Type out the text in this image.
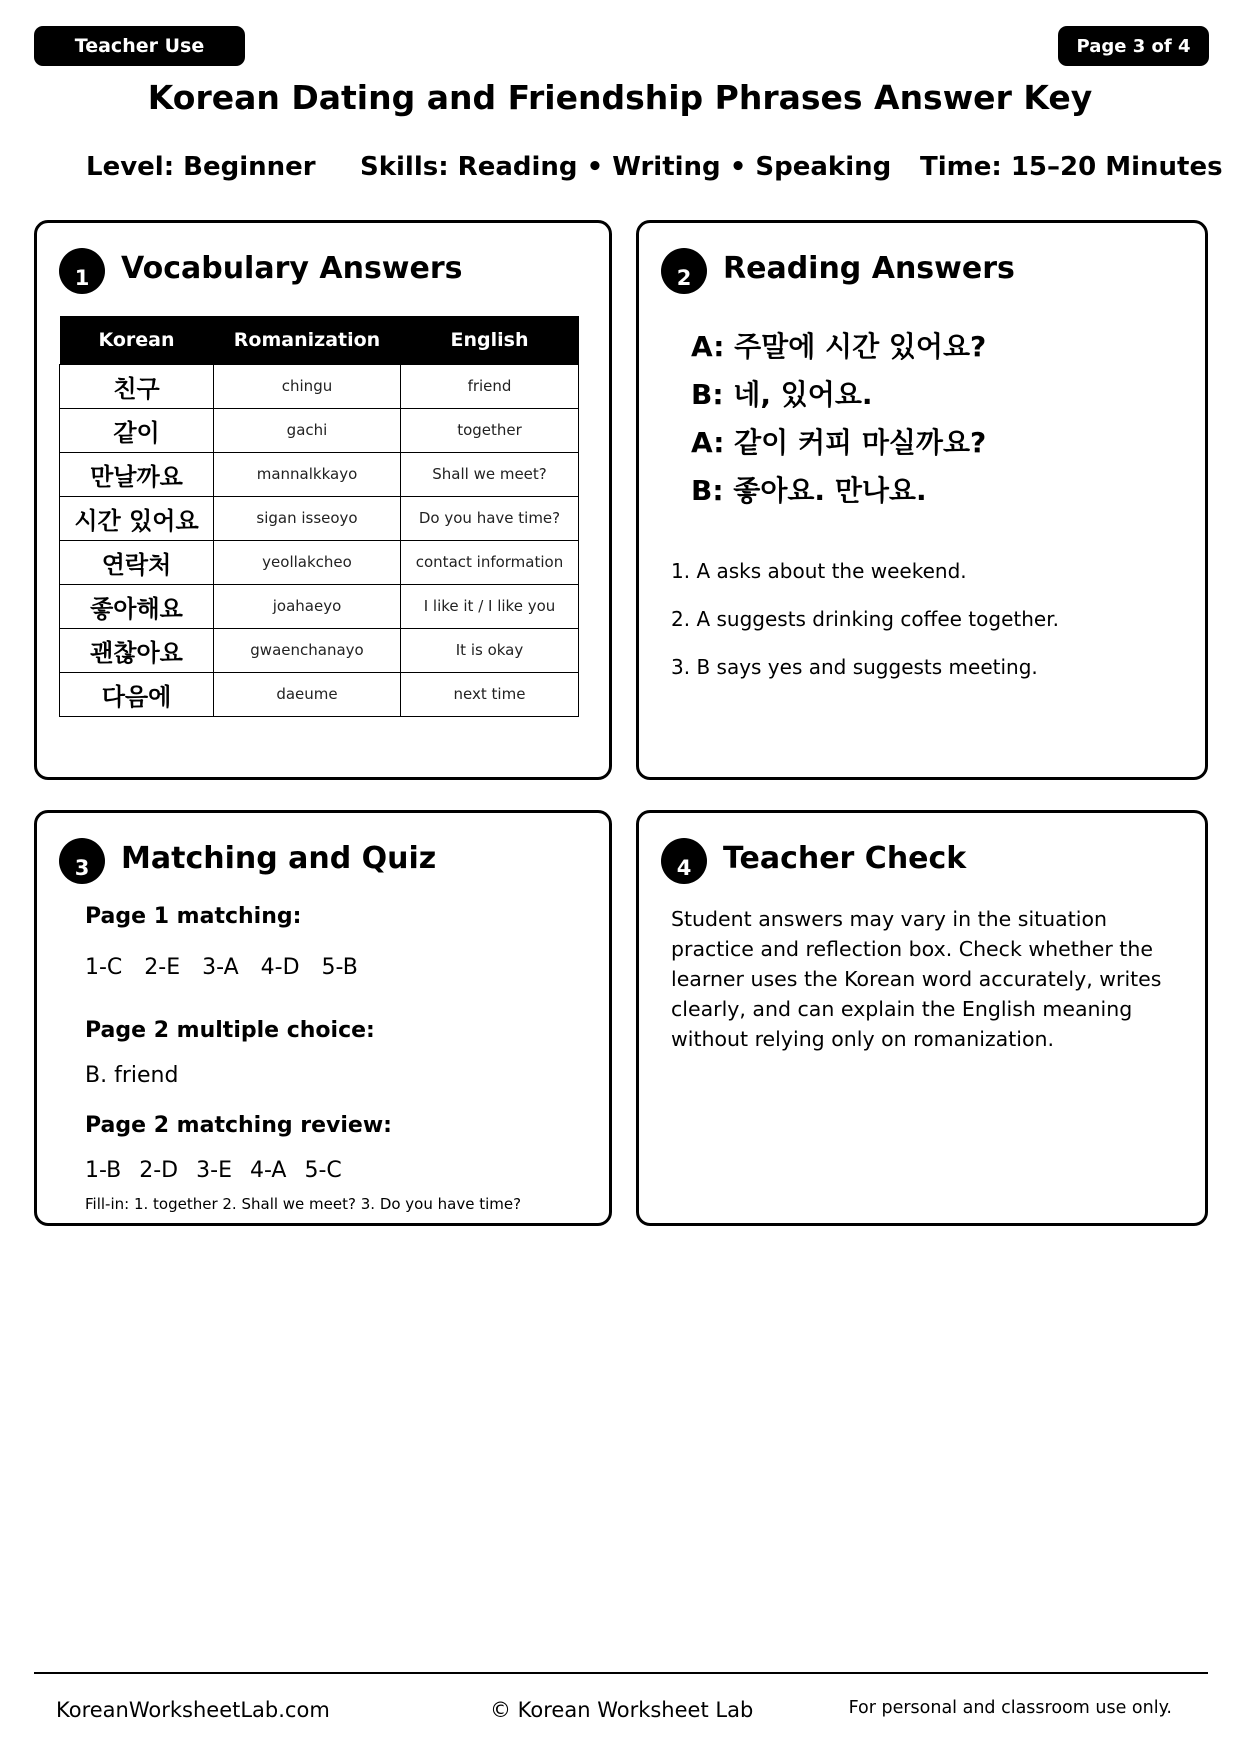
Teacher Use	Page 3 of 4
Korean Dating and Friendship Phrases Answer Key
Level: Beginner Skills: Reading • Writing • Speaking Time: 15–20 Minutes
1	Vocabulary Answers
Korean	Romanization	English
친구	chingu	friend
같이	gachi	together
만날까요	mannalkkayo	Shall we meet?
시간 있어요	sigan isseoyo	Do you have time?
연락처	yeollakcheo	contact information
좋아해요	joahaeyo	I like it / I like you
괜찮아요	gwaenchanayo	It is okay
다음에	daeume	next time
2	Reading Answers
A: 주말에 시간 있어요?
B: 네, 있어요.
A: 같이 커피 마실까요?
B: 좋아요. 만나요.
1. A asks about the weekend.
2. A suggests drinking coffee together.
3. B says yes and suggests meeting.
3	Matching and Quiz
Page 1 matching:
1-C 2-E 3-A 4-D 5-B
Page 2 multiple choice:
B. friend
Page 2 matching review:
1-B 2-D 3-E 4-A 5-C
Fill-in: 1. together 2. Shall we meet? 3. Do you have time?
4	Teacher Check
Student answers may vary in the situation practice and reflection box. Check whether the learner uses the Korean word accurately, writes clearly, and can explain the English meaning without relying only on romanization.
KoreanWorksheetLab.com	© Korean Worksheet Lab	For personal and classroom use only.
